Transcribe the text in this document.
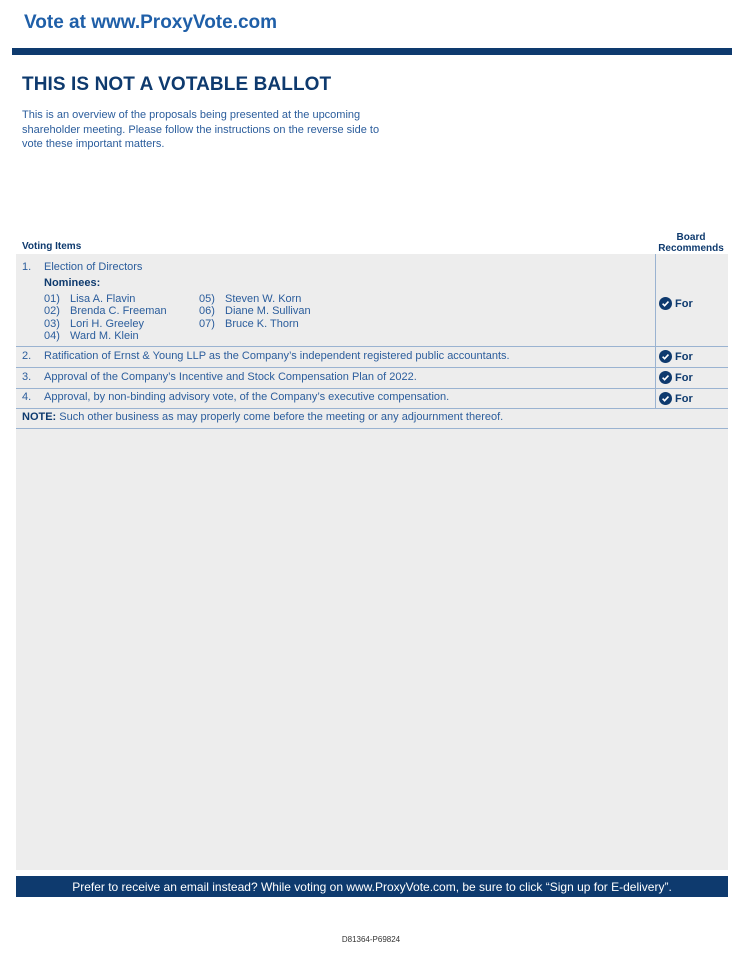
Vote at www.ProxyVote.com
THIS IS NOT A VOTABLE BALLOT

This is an overview of the proposals being presented at the upcoming shareholder meeting. Please follow the instructions on the reverse side to vote these important matters.

Voting Items
Board
Recommends
1. Election of Directors
Nominees:
01) Lisa A. Flavin
02) Brenda C. Freeman
03) Lori H. Greeley
04) Ward M. Klein
05) Steven W. Korn
06) Diane M. Sullivan
07) Bruce K. Thorn
For
2. Ratification of Ernst & Young LLP as the Company’s independent registered public accountants.	For
3. Approval of the Company’s Incentive and Stock Compensation Plan of 2022.	For
4. Approval, by non-binding advisory vote, of the Company’s executive compensation.	For
NOTE: Such other business as may properly come before the meeting or any adjournment thereof.
Prefer to receive an email instead? While voting on www.ProxyVote.com, be sure to click “Sign up for E-delivery”.
D81364-P69824
